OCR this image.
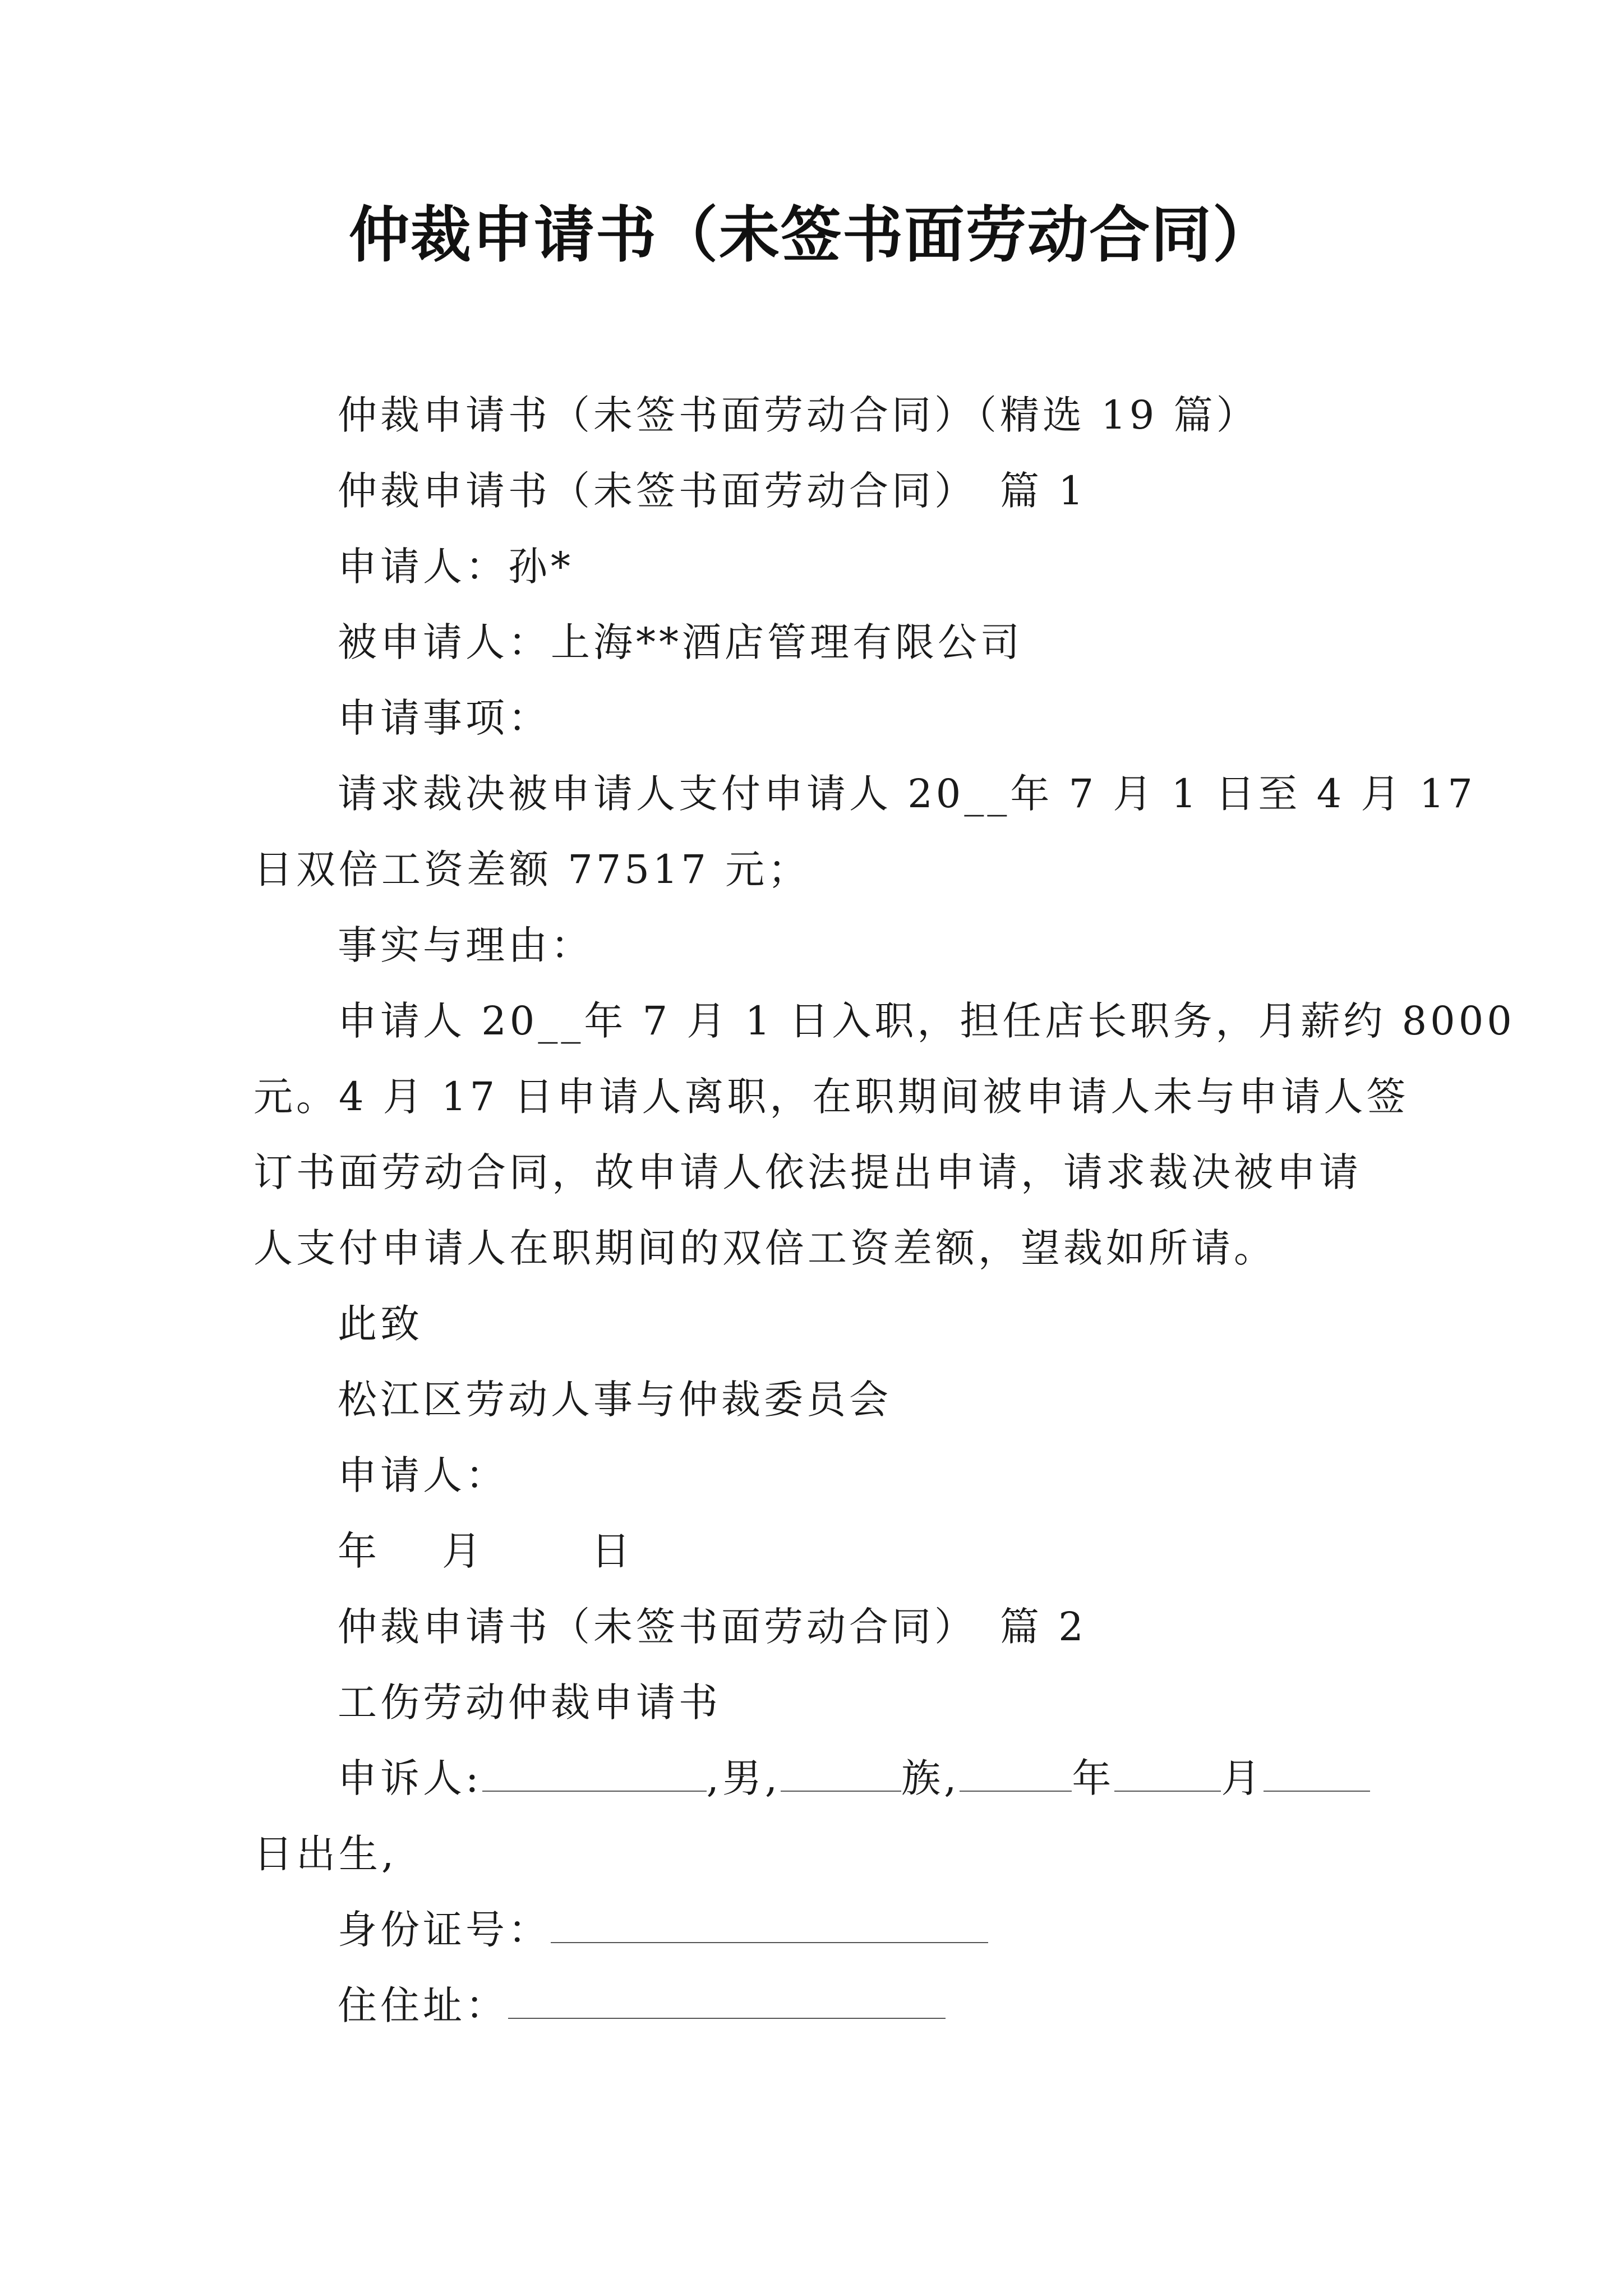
仲裁申请书（未签书面劳动合同）

仲裁申请书（未签书面劳动合同）（精选 19 篇）

仲裁申请书（未签书面劳动合同）　篇 1

申请人：孙*

被申请人：上海**酒店管理有限公司

申请事项：

请求裁决被申请人支付申请人 20__年 7 月 1 日至 4 月 17

日双倍工资差额 77517 元；

事实与理由：

申请人 20__年 7 月 1 日入职，担任店长职务，月薪约 8000

元。4 月 17 日申请人离职，在职期间被申请人未与申请人签

订书面劳动合同，故申请人依法提出申请，请求裁决被申请

人支付申请人在职期间的双倍工资差额，望裁如所请。

此致

松江区劳动人事与仲裁委员会

申请人：

年 月	日

仲裁申请书（未签书面劳动合同）　篇 2

工伤劳动仲裁申请书

申诉人:	,男,	族,	年	月

日出生,

身份证号：

住住址：
